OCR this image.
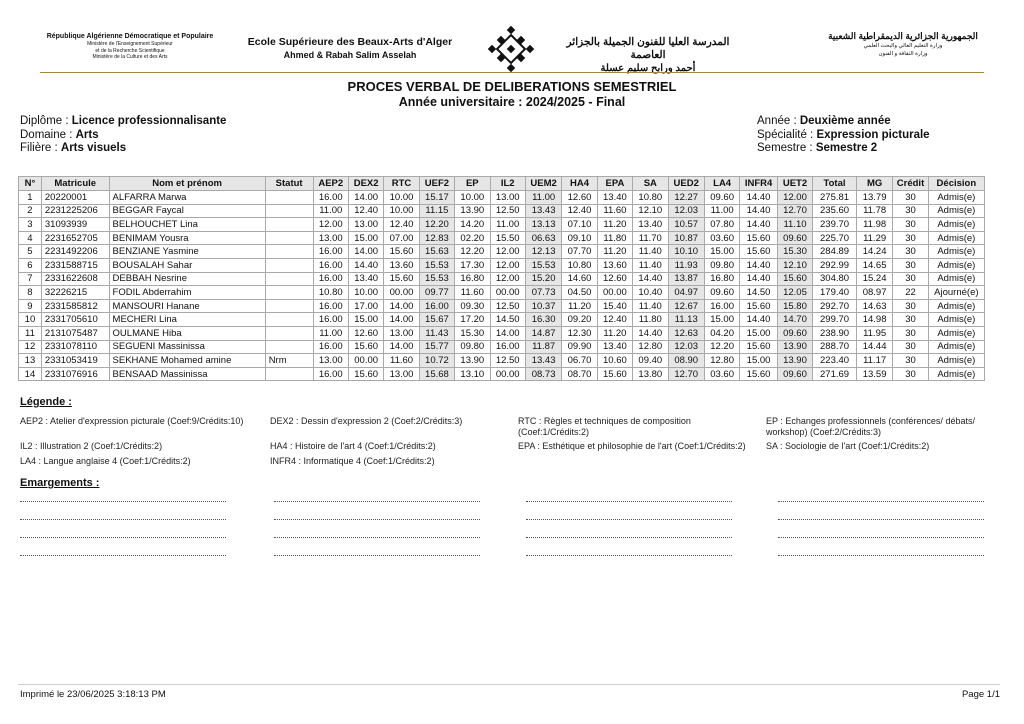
République Algérienne Démocratique et Populaire
Ministère de l'Enseignement Supérieur
et de la Recherche Scientifique
Ministère de la Culture et des Arts
Ecole Supérieure des Beaux-Arts d'Alger
Ahmed & Rabah Salim Asselah
المدرسة العليا للفنون الجميلة بالجزائر العاصمة
أحمد ورابح سليم عسلة
الجمهورية الجزائرية الديمقراطية الشعبية
وزارة التعليم العالي والبحث العلمي
وزارة الثقافة و الفنون
PROCES VERBAL DE DELIBERATIONS SEMESTRIEL
Année universitaire : 2024/2025 - Final
Diplôme : Licence professionnalisante
Domaine : Arts
Filière : Arts visuels
Année : Deuxième année
Spécialité : Expression picturale
Semestre : Semestre 2
N°	Matricule	Nom et prénom	Statut	AEP2	DEX2	RTC	UEF2	EP	IL2	UEM2	HA4	EPA	SA	UED2	LA4	INFR4	UET2	Total	MG	Crédit	Décision
1	20220001	ALFARRA Marwa		16.00	14.00	10.00	15.17	10.00	13.00	11.00	12.60	13.40	10.80	12.27	09.60	14.40	12.00	275.81	13.79	30	Admis(e)
2	2231225206	BEGGAR Faycal		11.00	12.40	10.00	11.15	13.90	12.50	13.43	12.40	11.60	12.10	12.03	11.00	14.40	12.70	235.60	11.78	30	Admis(e)
3	31093939	BELHOUCHET Lina		12.00	13.00	12.40	12.20	14.20	11.00	13.13	07.10	11.20	13.40	10.57	07.80	14.40	11.10	239.70	11.98	30	Admis(e)
4	2231652705	BENIMAM Yousra		13.00	15.00	07.00	12.83	02.20	15.50	06.63	09.10	11.80	11.70	10.87	03.60	15.60	09.60	225.70	11.29	30	Admis(e)
5	2231492206	BENZIANE Yasmine		16.00	14.00	15.60	15.63	12.20	12.00	12.13	07.70	11.20	11.40	10.10	15.00	15.60	15.30	284.89	14.24	30	Admis(e)
6	2331588715	BOUSALAH Sahar		16.00	14.40	13.60	15.53	17.30	12.00	15.53	10.80	13.60	11.40	11.93	09.80	14.40	12.10	292.99	14.65	30	Admis(e)
7	2331622608	DEBBAH Nesrine		16.00	13.40	15.60	15.53	16.80	12.00	15.20	14.60	12.60	14.40	13.87	16.80	14.40	15.60	304.80	15.24	30	Admis(e)
8	32226215	FODIL Abderrahim		10.80	10.00	00.00	09.77	11.60	00.00	07.73	04.50	00.00	10.40	04.97	09.60	14.50	12.05	179.40	08.97	22	Ajourné(e)
9	2331585812	MANSOURI Hanane		16.00	17.00	14.00	16.00	09.30	12.50	10.37	11.20	15.40	11.40	12.67	16.00	15.60	15.80	292.70	14.63	30	Admis(e)
10	2331705610	MECHERI Lina		16.00	15.00	14.00	15.67	17.20	14.50	16.30	09.20	12.40	11.80	11.13	15.00	14.40	14.70	299.70	14.98	30	Admis(e)
11	2131075487	OULMANE Hiba		11.00	12.60	13.00	11.43	15.30	14.00	14.87	12.30	11.20	14.40	12.63	04.20	15.00	09.60	238.90	11.95	30	Admis(e)
12	2331078110	SEGUENI Massinissa		16.00	15.60	14.00	15.77	09.80	16.00	11.87	09.90	13.40	12.80	12.03	12.20	15.60	13.90	288.70	14.44	30	Admis(e)
13	2331053419	SEKHANE Mohamed amine	Nrm	13.00	00.00	11.60	10.72	13.90	12.50	13.43	06.70	10.60	09.40	08.90	12.80	15.00	13.90	223.40	11.17	30	Admis(e)
14	2331076916	BENSAAD Massinissa		16.00	15.60	13.00	15.68	13.10	00.00	08.73	08.70	15.60	13.80	12.70	03.60	15.60	09.60	271.69	13.59	30	Admis(e)
Légende :
AEP2 : Atelier d'expression picturale (Coef:9/Crédits:10)	DEX2 : Dessin d'expression 2 (Coef:2/Crédits:3)	RTC : Règles et techniques de composition
(Coef:1/Crédits:2)
EP : Echanges professionnels (conférences/ débats/
workshop) (Coef:2/Crédits:3)
IL2 : Illustration 2 (Coef:1/Crédits:2)	HA4 : Histoire de l'art 4 (Coef:1/Crédits:2)	EPA : Esthétique et philosophie de l'art (Coef:1/Crédits:2) SA : Sociologie de l'art (Coef:1/Crédits:2)
LA4 : Langue anglaise 4 (Coef:1/Crédits:2)	INFR4 : Informatique 4 (Coef:1/Crédits:2)
Emargements :
Imprimé le 23/06/2025 3:18:13 PM	Page 1/1
